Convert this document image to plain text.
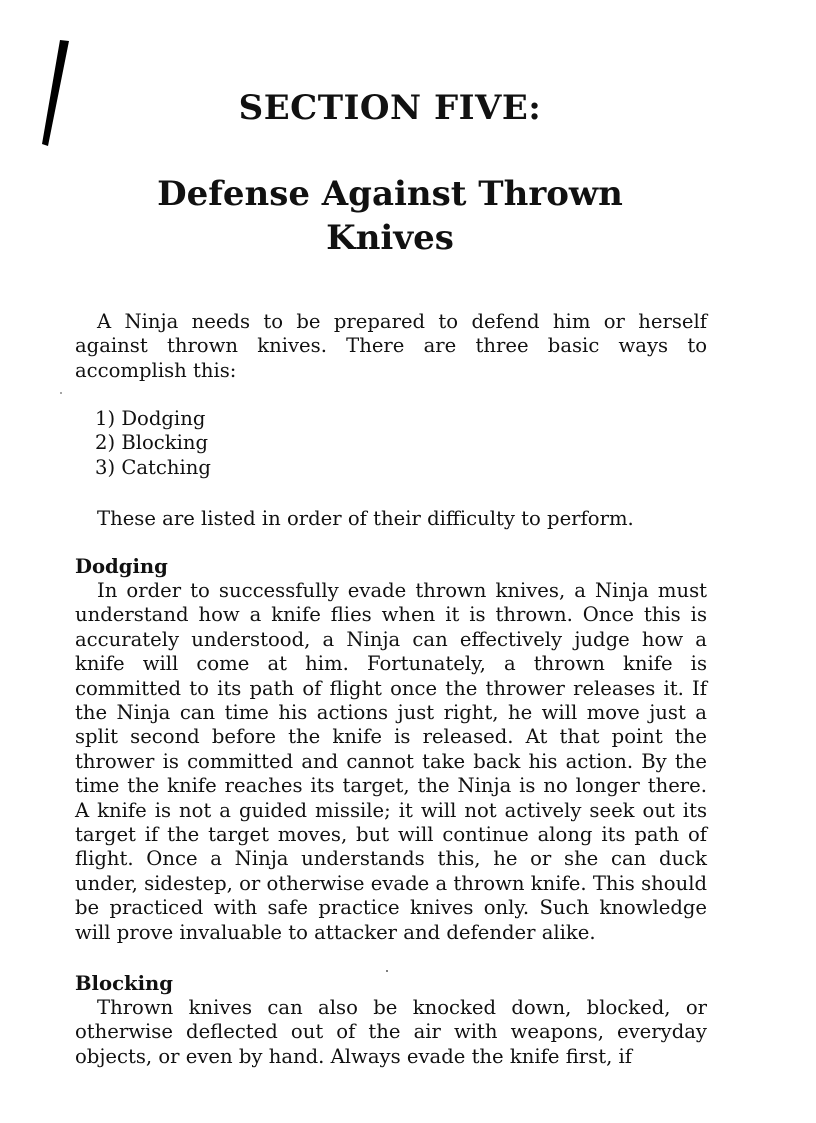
SECTION FIVE:
Defense Against Thrown Knives

A Ninja needs to be prepared to defend him or herself against thrown knives. There are three basic ways to accomplish this:

1) Dodging
2) Blocking
3) Catching

These are listed in order of their difficulty to perform.

Dodging

In order to successfully evade thrown knives, a Ninja must understand how a knife flies when it is thrown. Once this is accurately understood, a Ninja can effectively judge how a knife will come at him. Fortunately, a thrown knife is committed to its path of flight once the thrower releases it. If the Ninja can time his actions just right, he will move just a split second before the knife is released. At that point the thrower is committed and cannot take back his action. By the time the knife reaches its target, the Ninja is no longer there. A knife is not a guided missile; it will not actively seek out its target if the target moves, but will continue along its path of flight. Once a Ninja understands this, he or she can duck under, sidestep, or otherwise evade a thrown knife. This should be practiced with safe practice knives only. Such knowledge will prove invaluable to attacker and defender alike.

Blocking

Thrown knives can also be knocked down, blocked, or otherwise deflected out of the air with weapons, everyday objects, or even by hand. Always evade the knife first, if
